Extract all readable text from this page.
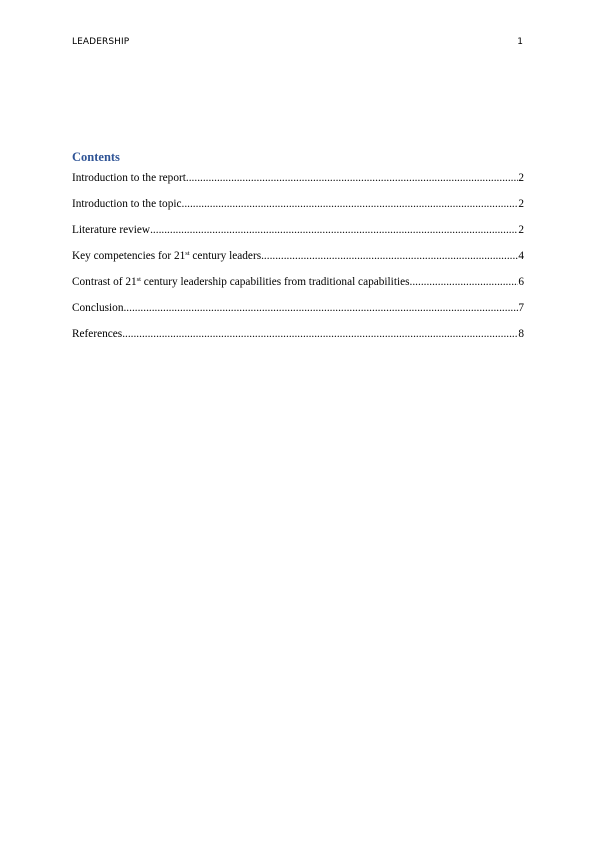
LEADERSHIP	1
Contents
Introduction to the report .....	2
Introduction to the topic .....	2
Literature review .....	2
Key competencies for 21st century leaders .....	4
Contrast of 21st century leadership capabilities from traditional capabilities .....	6
Conclusion .....	7
References .....	8
